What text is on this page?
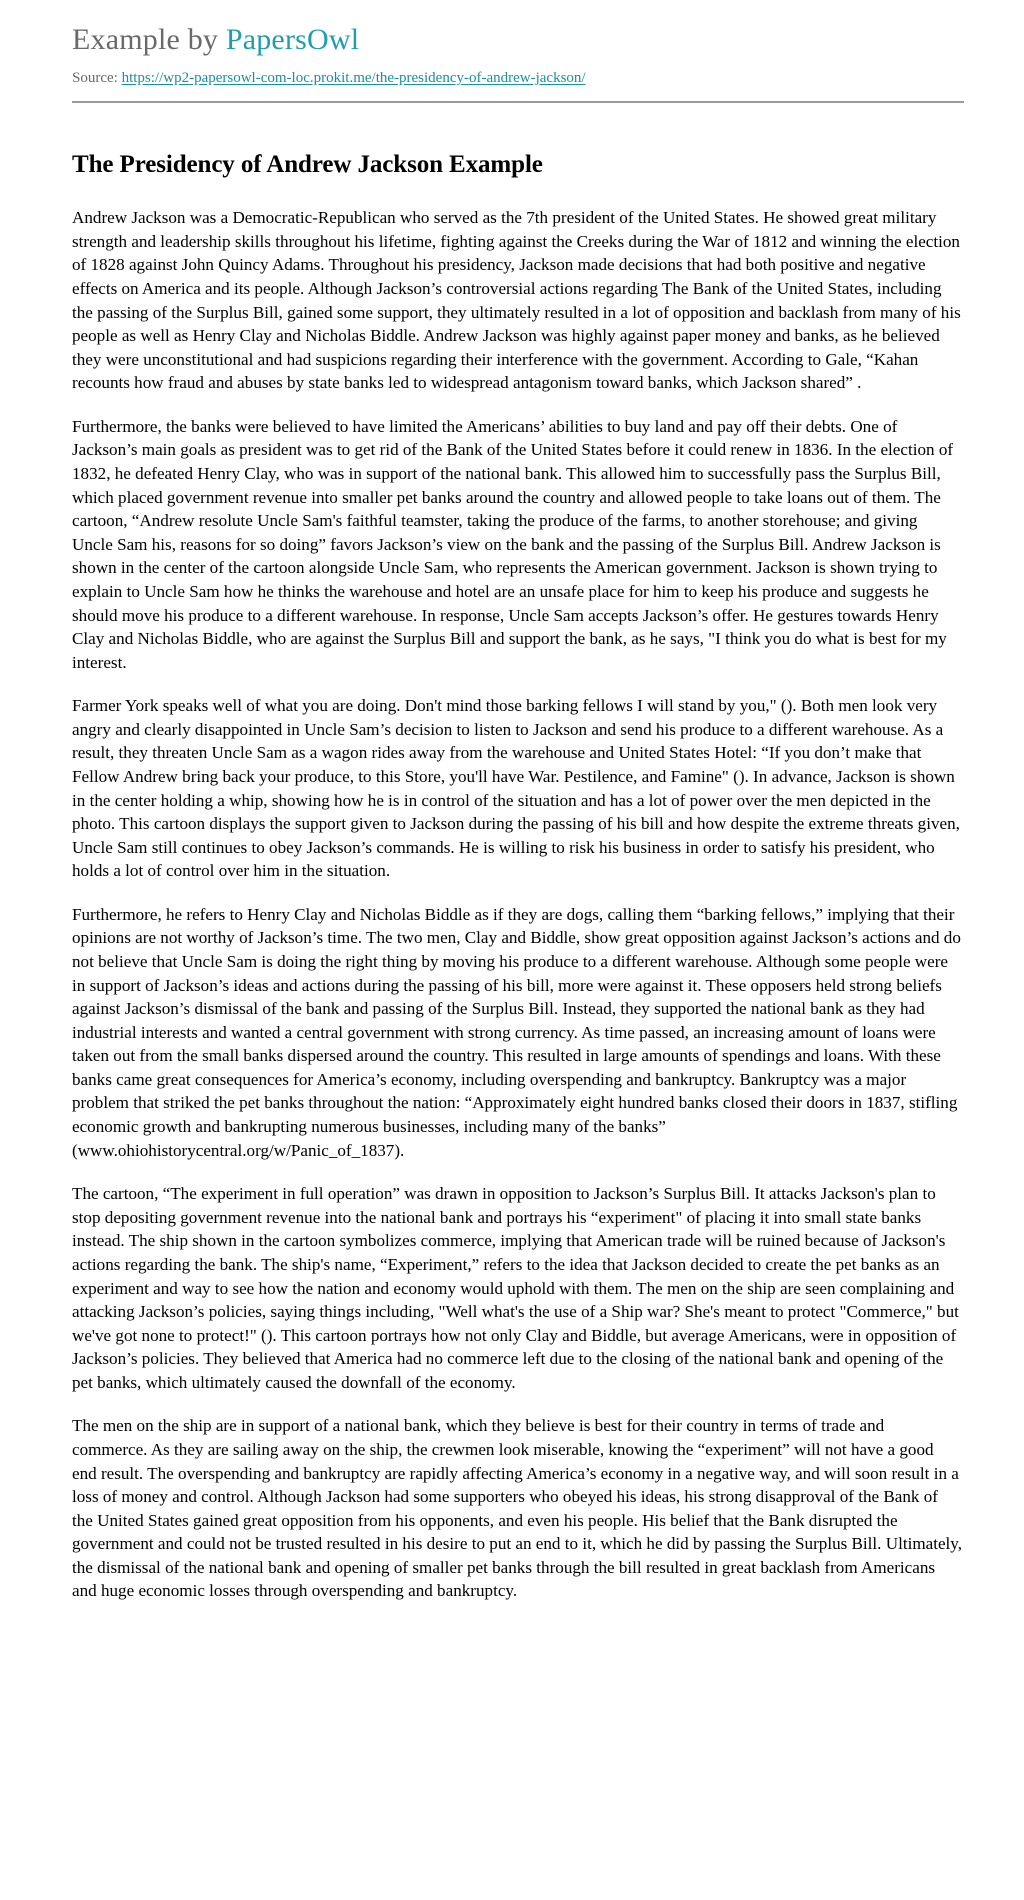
Example by PapersOwl
Source: https://wp2-papersowl-com-loc.prokit.me/the-presidency-of-andrew-jackson/
The Presidency of Andrew Jackson Example

Andrew Jackson was a Democratic-Republican who served as the 7th president of the United States. He showed great military strength and leadership skills throughout his lifetime, fighting against the Creeks during the War of 1812 and winning the election of 1828 against John Quincy Adams. Throughout his presidency, Jackson made decisions that had both positive and negative effects on America and its people. Although Jackson’s controversial actions regarding The Bank of the United States, including the passing of the Surplus Bill, gained some support, they ultimately resulted in a lot of opposition and backlash from many of his people as well as Henry Clay and Nicholas Biddle. Andrew Jackson was highly against paper money and banks, as he believed they were unconstitutional and had suspicions regarding their interference with the government. According to Gale, “Kahan recounts how fraud and abuses by state banks led to widespread antagonism toward banks, which Jackson shared” .

Furthermore, the banks were believed to have limited the Americans’ abilities to buy land and pay off their debts. One of Jackson’s main goals as president was to get rid of the Bank of the United States before it could renew in 1836. In the election of 1832, he defeated Henry Clay, who was in support of the national bank. This allowed him to successfully pass the Surplus Bill, which placed government revenue into smaller pet banks around the country and allowed people to take loans out of them. The cartoon, “Andrew resolute Uncle Sam's faithful teamster, taking the produce of the farms, to another storehouse; and giving Uncle Sam his, reasons for so doing” favors Jackson’s view on the bank and the passing of the Surplus Bill. Andrew Jackson is shown in the center of the cartoon alongside Uncle Sam, who represents the American government. Jackson is shown trying to explain to Uncle Sam how he thinks the warehouse and hotel are an unsafe place for him to keep his produce and suggests he should move his produce to a different warehouse. In response, Uncle Sam accepts Jackson’s offer. He gestures towards Henry Clay and Nicholas Biddle, who are against the Surplus Bill and support the bank, as he says, "I think you do what is best for my interest.

Farmer York speaks well of what you are doing. Don't mind those barking fellows I will stand by you," (). Both men look very angry and clearly disappointed in Uncle Sam’s decision to listen to Jackson and send his produce to a different warehouse. As a result, they threaten Uncle Sam as a wagon rides away from the warehouse and United States Hotel: “If you don’t make that Fellow Andrew bring back your produce, to this Store, you'll have War. Pestilence, and Famine" (). In advance, Jackson is shown in the center holding a whip, showing how he is in control of the situation and has a lot of power over the men depicted in the photo. This cartoon displays the support given to Jackson during the passing of his bill and how despite the extreme threats given, Uncle Sam still continues to obey Jackson’s commands. He is willing to risk his business in order to satisfy his president, who holds a lot of control over him in the situation.

Furthermore, he refers to Henry Clay and Nicholas Biddle as if they are dogs, calling them “barking fellows,” implying that their opinions are not worthy of Jackson’s time. The two men, Clay and Biddle, show great opposition against Jackson’s actions and do not believe that Uncle Sam is doing the right thing by moving his produce to a different warehouse. Although some people were in support of Jackson’s ideas and actions during the passing of his bill, more were against it. These opposers held strong beliefs against Jackson’s dismissal of the bank and passing of the Surplus Bill. Instead, they supported the national bank as they had industrial interests and wanted a central government with strong currency. As time passed, an increasing amount of loans were taken out from the small banks dispersed around the country. This resulted in large amounts of spendings and loans. With these banks came great consequences for America’s economy, including overspending and bankruptcy. Bankruptcy was a major problem that striked the pet banks throughout the nation: “Approximately eight hundred banks closed their doors in 1837, stifling economic growth and bankrupting numerous businesses, including many of the banks” (www.ohiohistorycentral.org/w/Panic_of_1837).

The cartoon, “The experiment in full operation” was drawn in opposition to Jackson’s Surplus Bill. It attacks Jackson's plan to stop depositing government revenue into the national bank and portrays his “experiment" of placing it into small state banks instead. The ship shown in the cartoon symbolizes commerce, implying that American trade will be ruined because of Jackson's actions regarding the bank. The ship's name, “Experiment,” refers to the idea that Jackson decided to create the pet banks as an experiment and way to see how the nation and economy would uphold with them. The men on the ship are seen complaining and attacking Jackson’s policies, saying things including, "Well what's the use of a Ship war? She's meant to protect "Commerce," but we've got none to protect!" (). This cartoon portrays how not only Clay and Biddle, but average Americans, were in opposition of Jackson’s policies. They believed that America had no commerce left due to the closing of the national bank and opening of the pet banks, which ultimately caused the downfall of the economy.

The men on the ship are in support of a national bank, which they believe is best for their country in terms of trade and commerce. As they are sailing away on the ship, the crewmen look miserable, knowing the “experiment” will not have a good end result. The overspending and bankruptcy are rapidly affecting America’s economy in a negative way, and will soon result in a loss of money and control. Although Jackson had some supporters who obeyed his ideas, his strong disapproval of the Bank of the United States gained great opposition from his opponents, and even his people. His belief that the Bank disrupted the government and could not be trusted resulted in his desire to put an end to it, which he did by passing the Surplus Bill. Ultimately, the dismissal of the national bank and opening of smaller pet banks through the bill resulted in great backlash from Americans and huge economic losses through overspending and bankruptcy.
